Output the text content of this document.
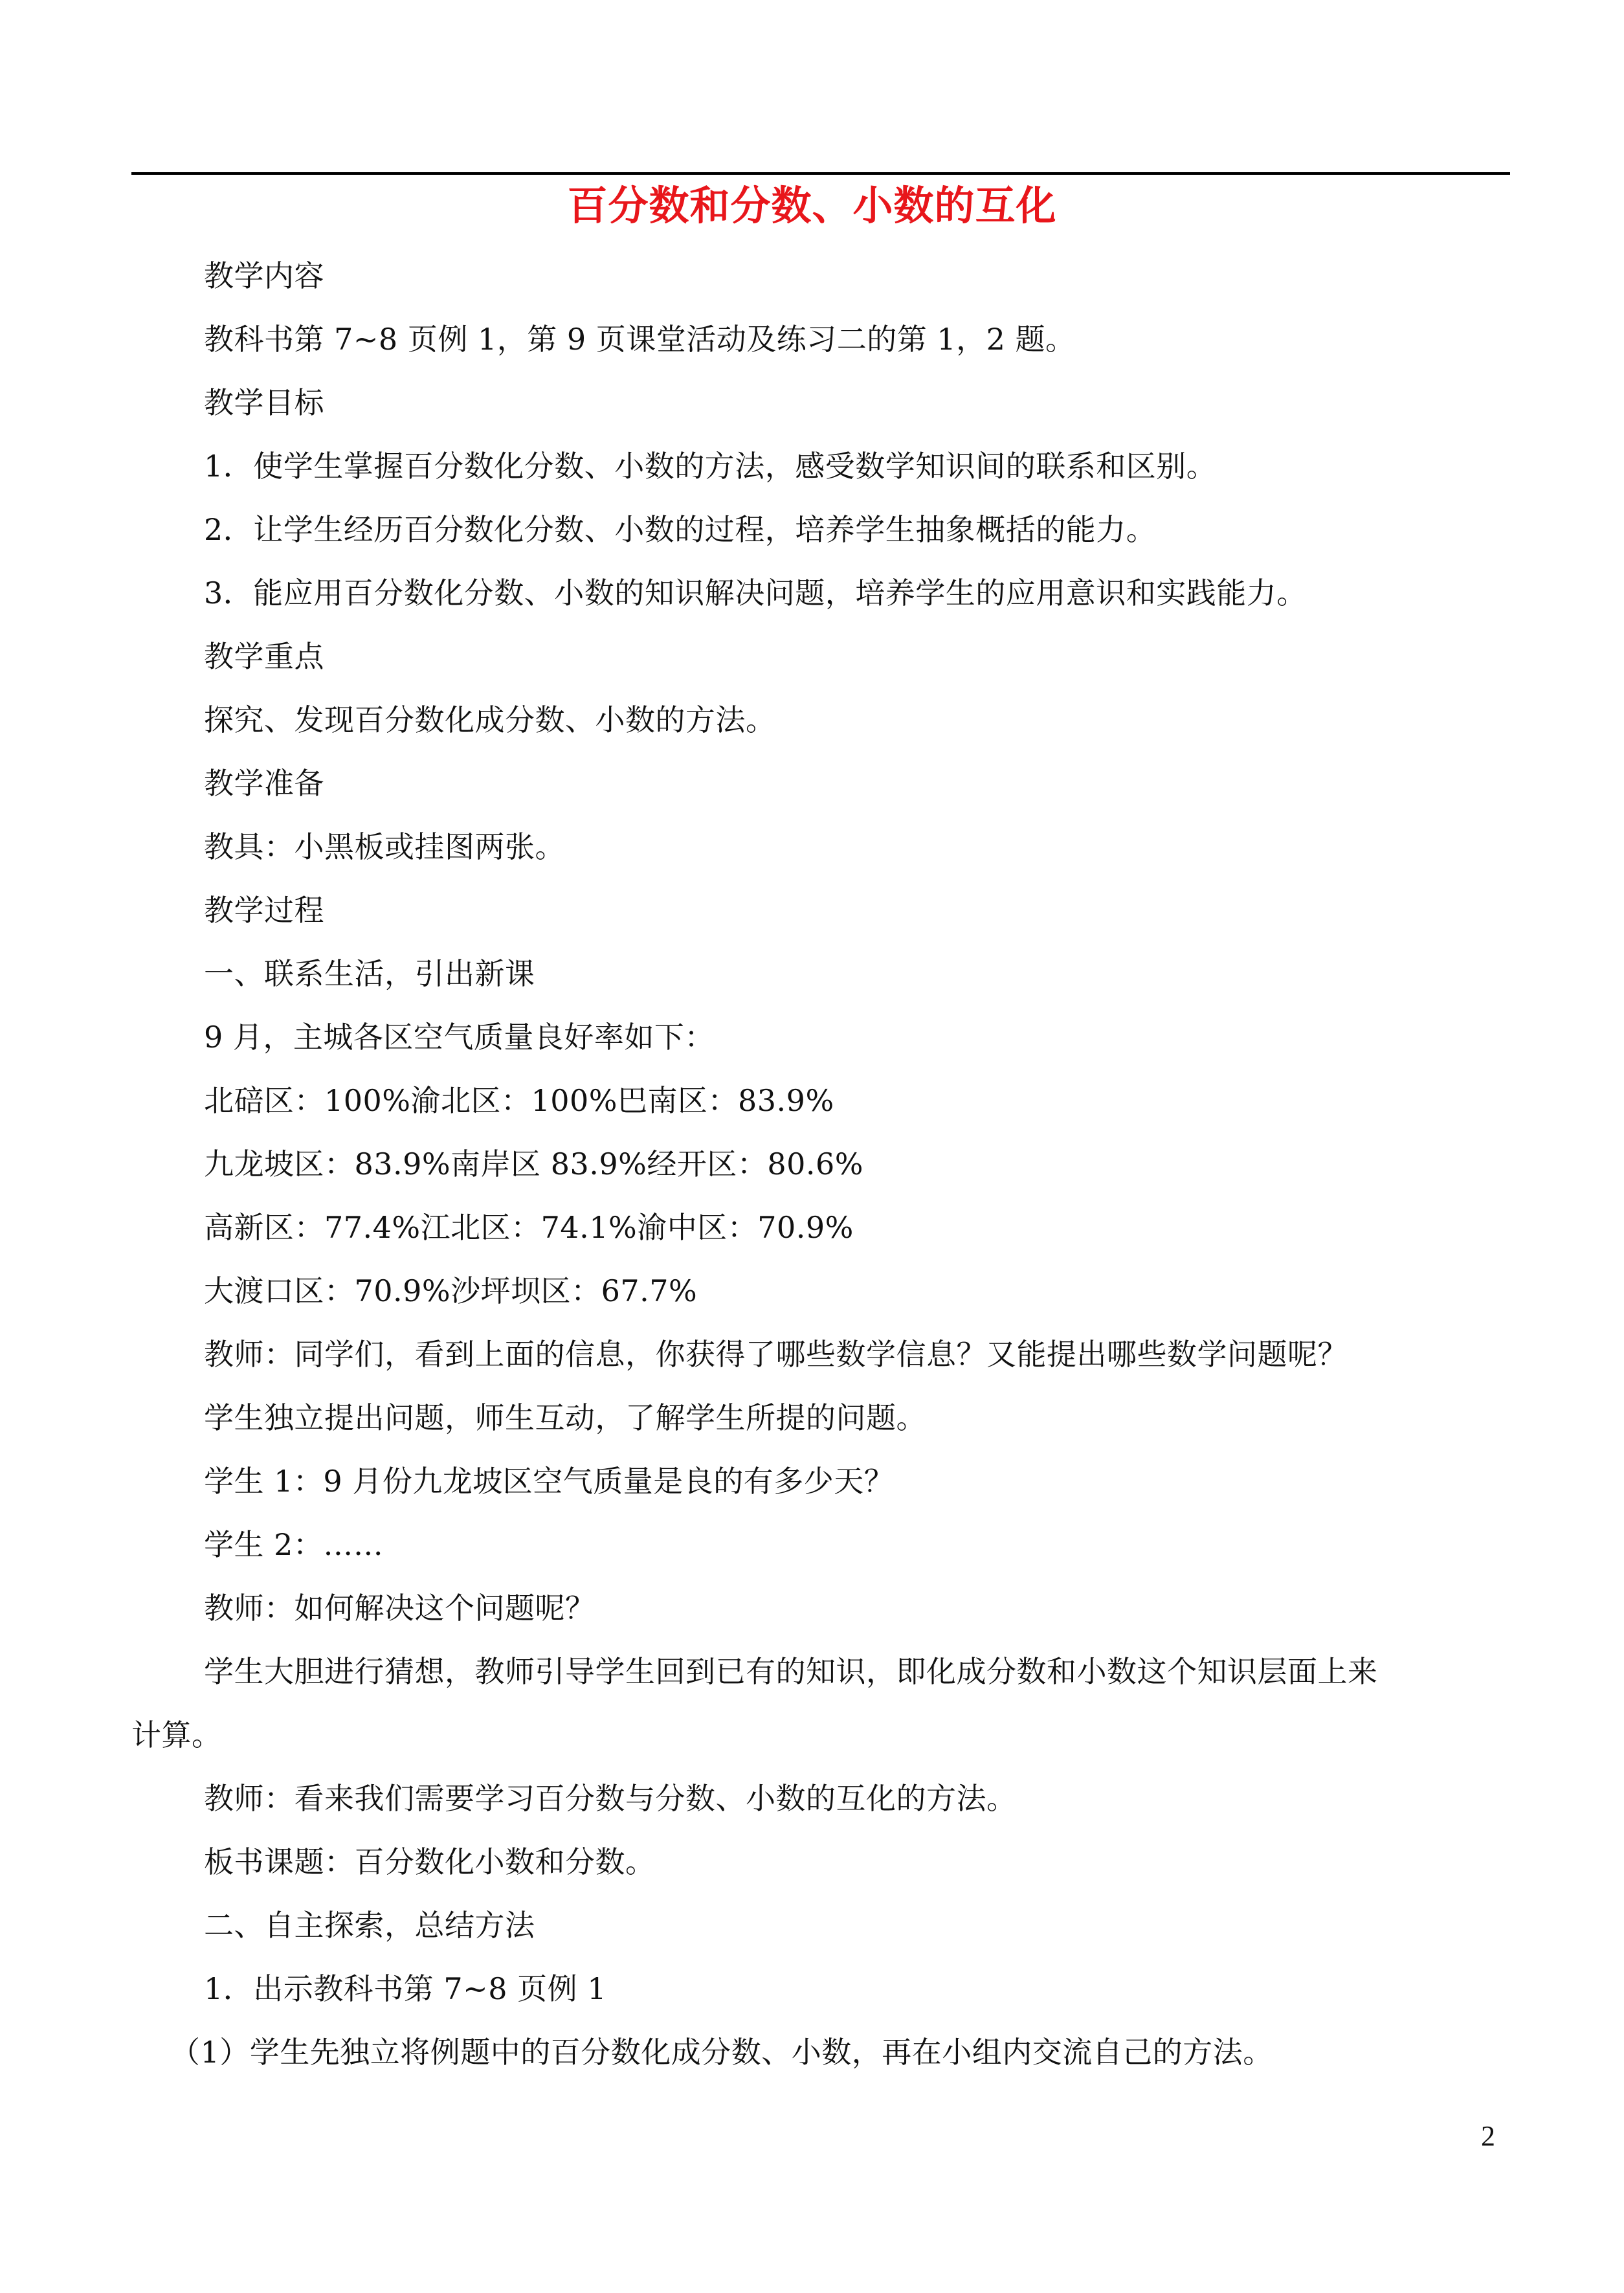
百分数和分数、小数的互化
教学内容
教科书第 7~8 页例 1，第 9 页课堂活动及练习二的第 1，2 题。
教学目标
1．使学生掌握百分数化分数、小数的方法，感受数学知识间的联系和区别。
2．让学生经历百分数化分数、小数的过程，培养学生抽象概括的能力。
3．能应用百分数化分数、小数的知识解决问题，培养学生的应用意识和实践能力。
教学重点
探究、发现百分数化成分数、小数的方法。
教学准备
教具：小黑板或挂图两张。
教学过程
一、联系生活，引出新课
9 月，主城各区空气质量良好率如下：
北碚区：100%渝北区：100%巴南区：83.9%
九龙坡区：83.9%南岸区 83.9%经开区：80.6%
高新区：77.4%江北区：74.1%渝中区：70.9%
大渡口区：70.9%沙坪坝区：67.7%
教师：同学们，看到上面的信息，你获得了哪些数学信息？又能提出哪些数学问题呢？
学生独立提出问题，师生互动，了解学生所提的问题。
学生 1：9 月份九龙坡区空气质量是良的有多少天？
学生 2：……
教师：如何解决这个问题呢？
学生大胆进行猜想，教师引导学生回到已有的知识，即化成分数和小数这个知识层面上来
计算。
教师：看来我们需要学习百分数与分数、小数的互化的方法。
板书课题：百分数化小数和分数。
二、自主探索，总结方法
1．出示教科书第 7~8 页例 1
（1）学生先独立将例题中的百分数化成分数、小数，再在小组内交流自己的方法。
2
